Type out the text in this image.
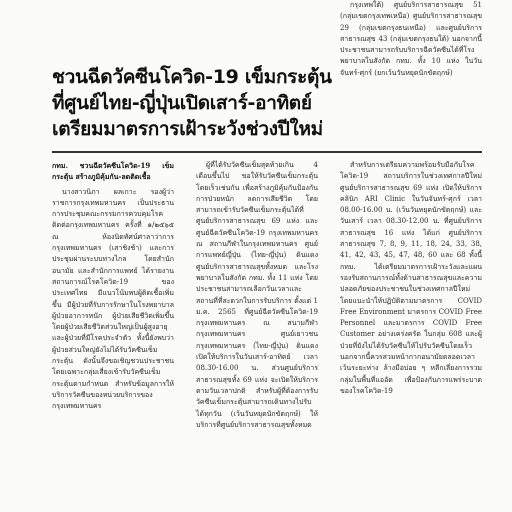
ชวนฉีดวัคซีนโควิด-19 เข็มกระตุ้น
ที่ศูนย์ไทย-ญี่ปุ่นเปิดเสาร์-อาทิตย์
เตรียมมาตรการเฝ้าระวังช่วงปีใหม่

กทม. ชวนฉีดวัคซีนโควิด-19 เข็มกระตุ้น สร้างภูมิคุ้มกัน-ลดติดเชื้อ

นางสาวนิภา ผลเกาะ รองผู้ว่าราชการกรุงเทพมหานคร เป็นประธานการประชุมคณะกรรมการควบคุมโรคติดต่อกรุงเทพมหานคร ครั้งที่ ๑/๒๕๖๕ ณ ห้องนิดทัศน์ศาลาว่าการกรุงเทพมหานคร (เสาชิงช้า) และการประชุมผ่านระบบทางไกล โดยสำนักอนามัย และสำนักการแพทย์ ได้รายงานสถานการณ์โรคโควิด-19 ของประเทศไทย มีแนวโน้มพบผู้ติดเชื้อเพิ่มขึ้น มีผู้ป่วยที่รับการรักษาในโรงพยาบาล ผู้ป่วยอาการหนัก ผู้ป่วยเสียชีวิตเพิ่มขึ้น โดยผู้ป่วยเสียชีวิตส่วนใหญ่เป็นผู้สูงอายุ และผู้ป่วยที่มีโรคประจำตัว ทั้งนี้ยังพบว่าผู้ป่วยส่วนใหญ่ยังไม่ได้รับวัคซีนเข็มกระตุ้น ดังนั้นจึงขอเชิญชวนประชาชนโดยเฉพาะกลุ่มเสี่ยงเข้ารับวัคซีนเข็มกระตุ้นตามกำหนด สำหรับข้อมูลการให้บริการวัคซีนของหน่วยบริการของกรุงเทพมหานคร

ผู้ที่ได้รับวัคซีนเข็มสุดท้ายเกิน 4 เดือนขึ้นไป ขอให้รับวัคซีนเข็มกระตุ้นโดยเร็วเช่นกัน เพื่อสร้างภูมิคุ้มกันป้องกันการป่วยหนัก ลดการเสียชีวิต โดยสามารถเข้ารับวัคซีนเข็มกระตุ้นได้ที่ ศูนย์บริการสาธารณสุข 69 แห่ง และศูนย์ฉีดวัคซีนโควิด-19 กรุงเทพมหานคร ณ สถานกีฬาในกรุงเทพมหานคร ศูนย์การแพทย์ญี่ปุ่น (ไทย-ญี่ปุ่น) ดินแดง ศูนย์บริการสาธารณสุขทั้งหมด และโรงพยาบาลในสังกัด กทม. ทั้ง 11 แห่ง โดยประชาชนสามารถเลือกวันเวลาและสถานที่ที่สะดวกในการรับบริการ ตั้งแต่ 1 ม.ค. 2565 ที่ศูนย์ฉีดวัคซีนโควิด-19 กรุงเทพมหานคร ณ สนามกีฬากรุงเทพมหานคร ศูนย์เยาวชนกรุงเทพมหานคร (ไทย-ญี่ปุ่น) ดินแดง เปิดให้บริการในวันเสาร์-อาทิตย์ เวลา 08.30-16.00 น. ส่วนศูนย์บริการสาธารณสุขทั้ง 69 แห่ง จะเปิดให้บริการตามวันเวลาปกติ สำหรับผู้ที่ต้องการรับวัคซีนเข็มกระตุ้นสามารถเดินทางไปรับได้ทุกวัน (เว้นวันหยุดนักขัตฤกษ์) ให้บริการที่ศูนย์บริการสาธารณสุขทั้งหมด

กรุงเทพใต้) ศูนย์บริการสาธารณสุข 51 (กลุ่มเขตกรุงเทพเหนือ) ศูนย์บริการสาธารณสุข 29 (กลุ่มเขตกรุงธนเหนือ) และศูนย์บริการสาธารณสุข 43 (กลุ่มเขตกรุงธนใต้) นอกจากนี้ ประชาชนสามารถรับบริการฉีดวัคซีนได้ที่โรงพยาบาลในสังกัด กทม. ทั้ง 10 แห่ง ในวันจันทร์-ศุกร์ (ยกเว้นวันหยุดนักขัตฤกษ์)

สำหรับการเตรียมความพร้อมรับมือกับโรคโควิด-19 สถานบริการในช่วงเทศกาลปีใหม่ ศูนย์บริการสาธารณสุข 69 แห่ง เปิดให้บริการคลินิก ARI Clinic ในวันจันทร์-ศุกร์ เวลา 08.00-16.00 น. (เว้นวันหยุดนักขัตฤกษ์) และวันเสาร์ เวลา 08.30-12.00 น. ที่ศูนย์บริการสาธารณสุข 16 แห่ง ได้แก่ ศูนย์บริการสาธารณสุข 7, 8, 9, 11, 18, 24, 33, 38, 41, 42, 43, 45, 47, 48, 60 และ 68 ทั้งนี้ กทม. ได้เตรียมมาตรการเฝ้าระวังและแผนรองรับสถานการณ์ทั้งด้านสาธารณสุขและความปลอดภัยของประชาชนในช่วงเทศกาลปีใหม่ โดยแนะนำให้ปฏิบัติตามมาตรการ COVID Free Environment มาตรการ COVID Free Personnel และมาตรการ COVID Free Customer อย่างเคร่งครัด ในกลุ่ม 608 และผู้ป่วยที่ยังไม่ได้รับวัคซีนให้ไปรับวัคซีนโดยเร็ว นอกจากนี้ควรสวมหน้ากากอนามัยตลอดเวลา เว้นระยะห่าง ล้างมือบ่อย ๆ หลีกเลี่ยงการรวมกลุ่มในพื้นที่แออัด เพื่อป้องกันการแพร่ระบาดของโรคโควิด-19
